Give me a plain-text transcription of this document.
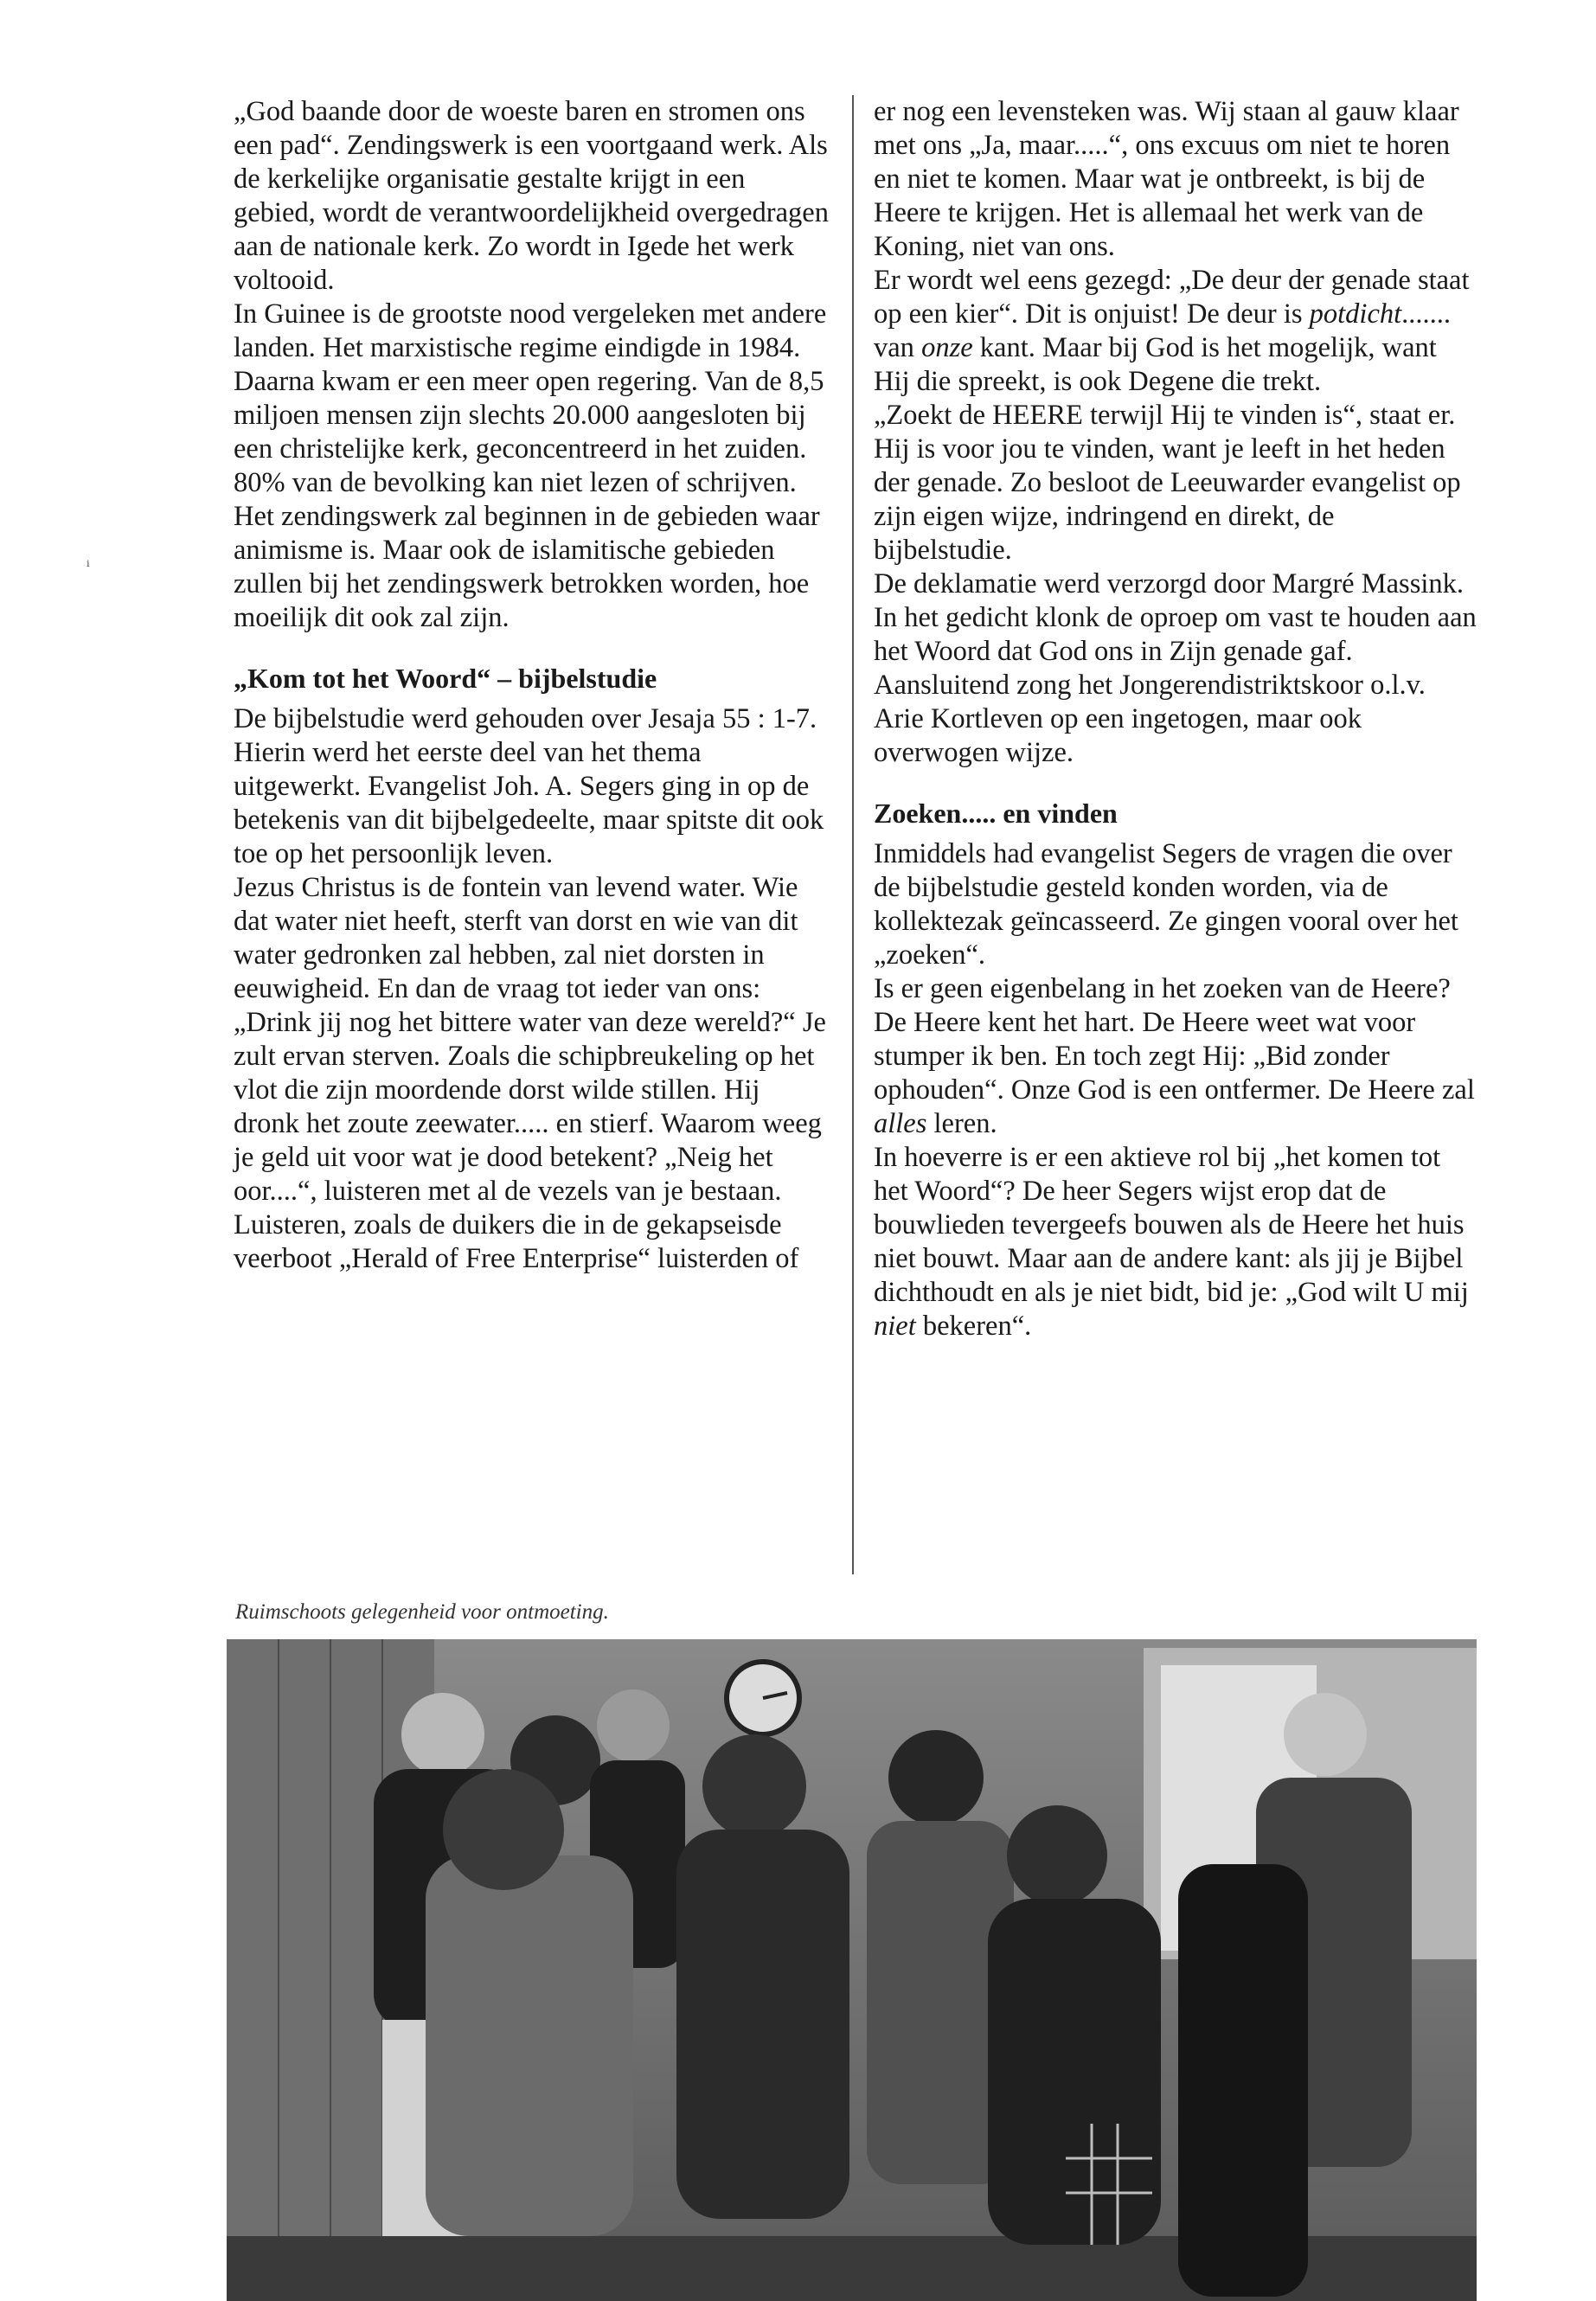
„God baande door de woeste baren en stromen ons een pad“. Zendingswerk is een voortgaand werk. Als de kerkelijke organisatie gestalte krijgt in een gebied, wordt de verantwoordelijkheid overgedragen aan de nationale kerk. Zo wordt in Igede het werk voltooid.

In Guinee is de grootste nood vergeleken met andere landen. Het marxistische regime eindigde in 1984. Daarna kwam er een meer open regering. Van de 8,5 miljoen mensen zijn slechts 20.000 aangesloten bij een christelijke kerk, geconcentreerd in het zuiden. 80% van de bevolking kan niet lezen of schrijven.

Het zendingswerk zal beginnen in de gebieden waar animisme is. Maar ook de islamitische gebieden zullen bij het zendingswerk betrokken worden, hoe moeilijk dit ook zal zijn.

„Kom tot het Woord“ – bijbelstudie

De bijbelstudie werd gehouden over Jesaja 55 : 1-7. Hierin werd het eerste deel van het thema uitgewerkt. Evangelist Joh. A. Segers ging in op de betekenis van dit bijbelgedeelte, maar spitste dit ook toe op het persoonlijk leven.

Jezus Christus is de fontein van levend water. Wie dat water niet heeft, sterft van dorst en wie van dit water gedronken zal hebben, zal niet dorsten in eeuwigheid. En dan de vraag tot ieder van ons: „Drink jij nog het bittere water van deze wereld?“ Je zult ervan sterven. Zoals die schipbreukeling op het vlot die zijn moordende dorst wilde stillen. Hij dronk het zoute zeewater..... en stierf. Waarom weeg je geld uit voor wat je dood betekent? „Neig het oor....“, luisteren met al de vezels van je bestaan. Luisteren, zoals de duikers die in de gekapseisde veerboot „Herald of Free Enterprise“ luisterden of

er nog een levensteken was. Wij staan al gauw klaar met ons „Ja, maar.....“, ons excuus om niet te horen en niet te komen. Maar wat je ontbreekt, is bij de Heere te krijgen. Het is allemaal het werk van de Koning, niet van ons.

Er wordt wel eens gezegd: „De deur der genade staat op een kier“. Dit is onjuist! De deur is potdicht....... van onze kant. Maar bij God is het mogelijk, want Hij die spreekt, is ook Degene die trekt.

„Zoekt de HEERE terwijl Hij te vinden is“, staat er. Hij is voor jou te vinden, want je leeft in het heden der genade. Zo besloot de Leeuwarder evangelist op zijn eigen wijze, indringend en direkt, de bijbelstudie.

De deklamatie werd verzorgd door Margré Massink. In het gedicht klonk de oproep om vast te houden aan het Woord dat God ons in Zijn genade gaf. Aansluitend zong het Jongerendistriktskoor o.l.v. Arie Kortleven op een ingetogen, maar ook overwogen wijze.

Zoeken..... en vinden

Inmiddels had evangelist Segers de vragen die over de bijbelstudie gesteld konden worden, via de kollektezak geïncasseerd. Ze gingen vooral over het „zoeken“.

Is er geen eigenbelang in het zoeken van de Heere? De Heere kent het hart. De Heere weet wat voor stumper ik ben. En toch zegt Hij: „Bid zonder ophouden“. Onze God is een ontfermer. De Heere zal alles leren.

In hoeverre is er een aktieve rol bij „het komen tot het Woord“? De heer Segers wijst erop dat de bouwlieden tevergeefs bouwen als de Heere het huis niet bouwt. Maar aan de andere kant: als jij je Bijbel dichthoudt en als je niet bidt, bid je: „God wilt U mij niet bekeren“.

ⁱ
Ruimschoots gelegenheid voor ontmoeting.
